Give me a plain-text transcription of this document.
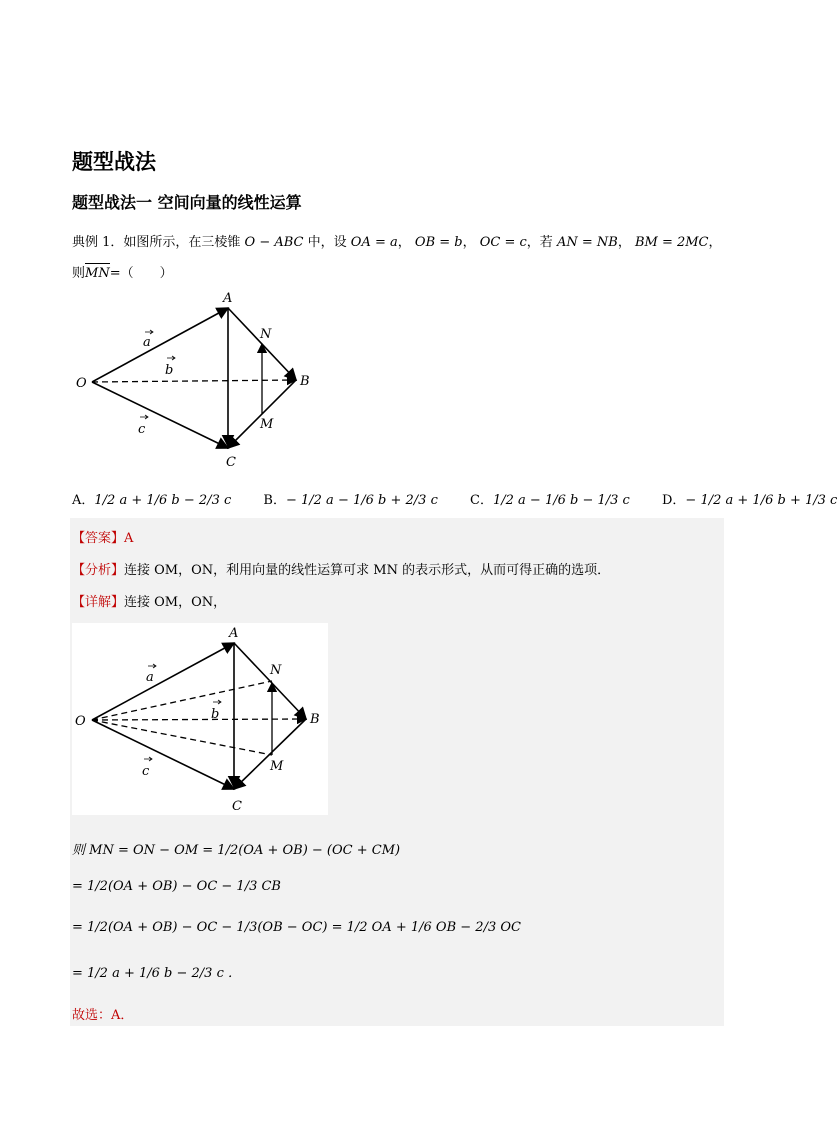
题型战法
题型战法一 空间向量的线性运算
典例 1．如图所示，在三棱锥 O − ABC 中，设 OA = a， OB = b， OC = c，若 AN = NB， BM = 2MC，
则MN=（　　）
A
N
O	B
M
C
a
b
c
A．1/2 a + 1/6 b − 2/3 c B．− 1/2 a − 1/6 b + 2/3 c C．1/2 a − 1/6 b − 1/3 c D．− 1/2 a + 1/6 b + 1/3 c
【答案】A
【分析】连接 OM，ON，利用向量的线性运算可求 MN 的表示形式，从而可得正确的选项．
【详解】连接 OM，ON，
A
N
O	B
M
C
a
b
c
则 MN = ON − OM = 1/2(OA + OB) − (OC + CM)
= 1/2(OA + OB) − OC − 1/3 CB
= 1/2(OA + OB) − OC − 1/3(OB − OC) = 1/2 OA + 1/6 OB − 2/3 OC
= 1/2 a + 1/6 b − 2/3 c ．
故选：A．
